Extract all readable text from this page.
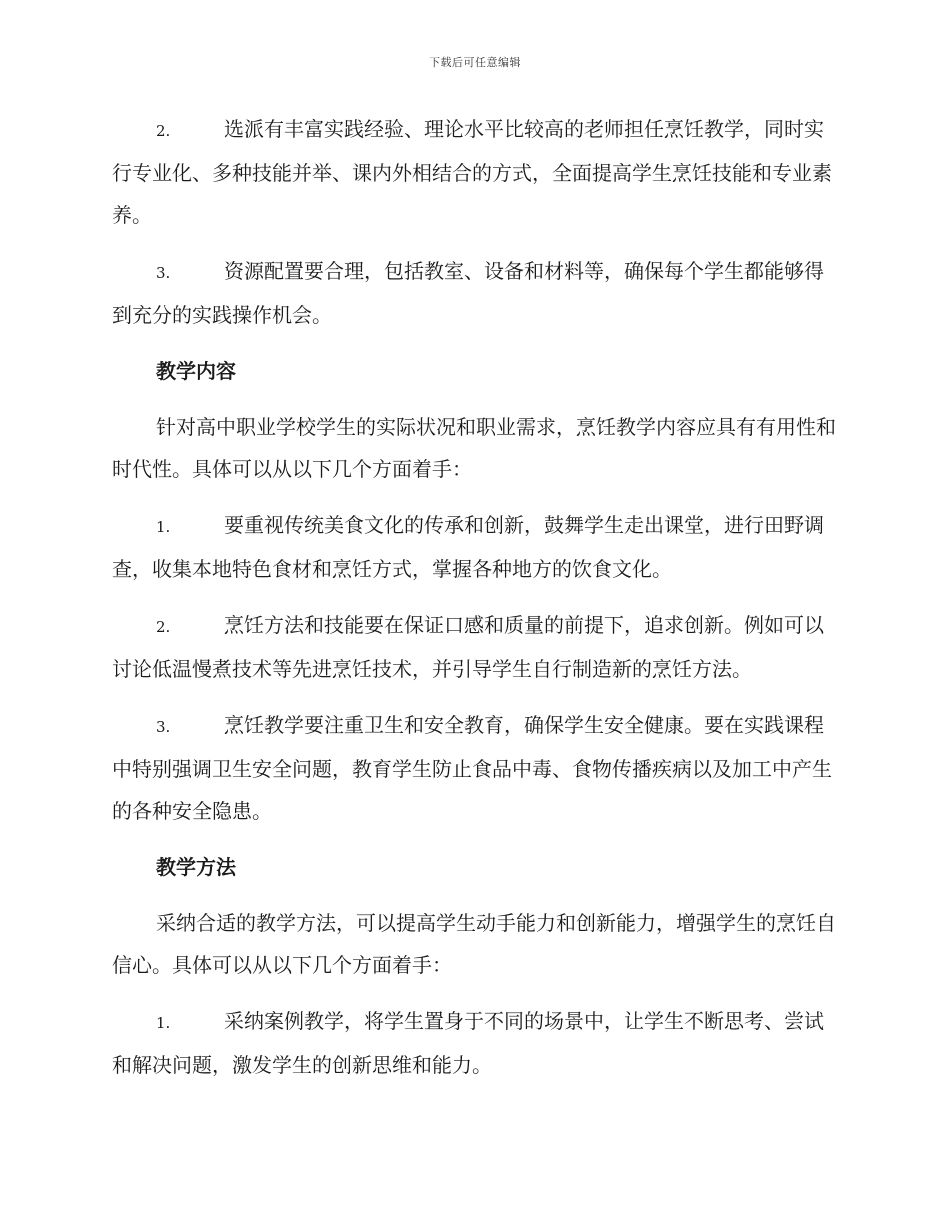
下载后可任意编辑

2.	选派有丰富实践经验、理论水平比较高的老师担任烹饪教学，同时实行专业化、多种技能并举、课内外相结合的方式，全面提高学生烹饪技能和专业素养。

3.	资源配置要合理，包括教室、设备和材料等，确保每个学生都能够得到充分的实践操作机会。

教学内容

针对高中职业学校学生的实际状况和职业需求，烹饪教学内容应具有有用性和时代性。具体可以从以下几个方面着手：

1.	要重视传统美食文化的传承和创新，鼓舞学生走出课堂，进行田野调查，收集本地特色食材和烹饪方式，掌握各种地方的饮食文化。

2.	烹饪方法和技能要在保证口感和质量的前提下，追求创新。例如可以讨论低温慢煮技术等先进烹饪技术，并引导学生自行制造新的烹饪方法。

3.	烹饪教学要注重卫生和安全教育，确保学生安全健康。要在实践课程中特别强调卫生安全问题，教育学生防止食品中毒、食物传播疾病以及加工中产生的各种安全隐患。

教学方法

采纳合适的教学方法，可以提高学生动手能力和创新能力，增强学生的烹饪自信心。具体可以从以下几个方面着手：

1.	采纳案例教学，将学生置身于不同的场景中，让学生不断思考、尝试和解决问题，激发学生的创新思维和能力。
